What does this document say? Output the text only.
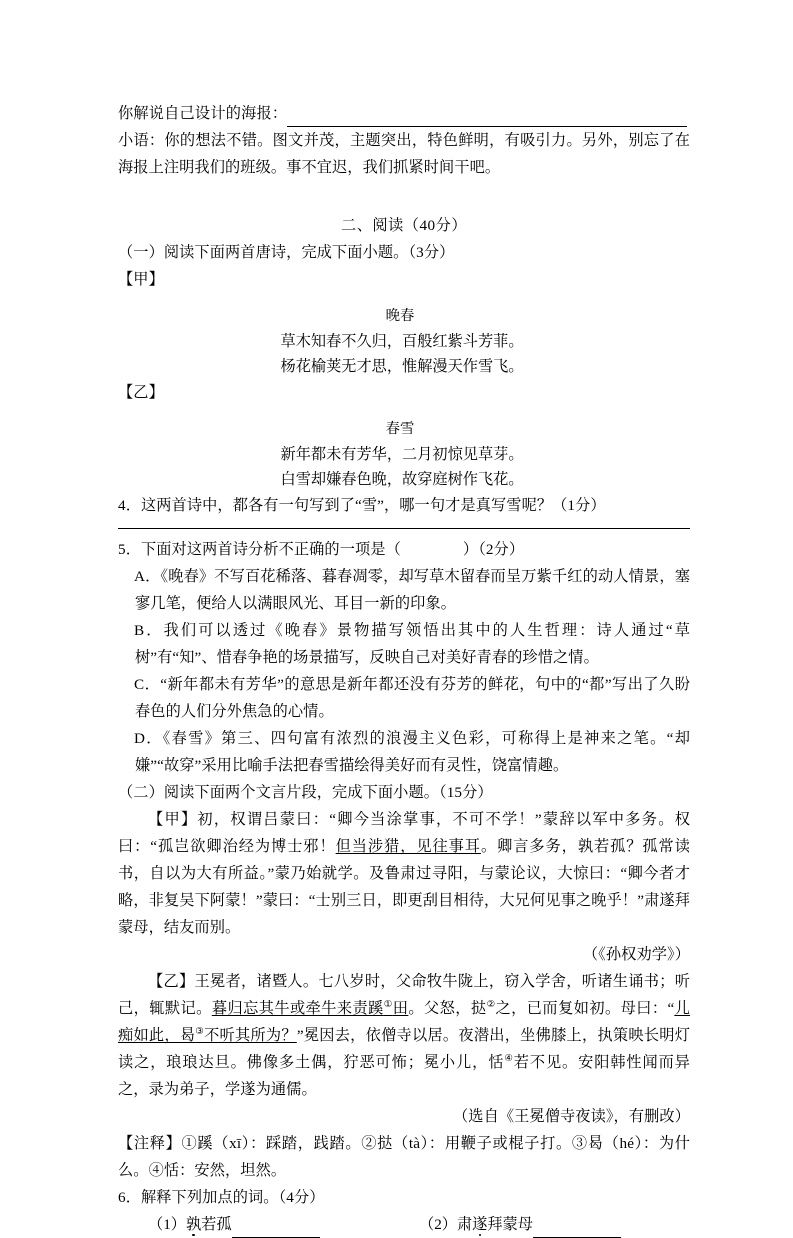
你解说自己设计的海报：
小语：你的想法不错。图文并茂，主题突出，特色鲜明，有吸引力。另外，别忘了在海报上注明我们的班级。事不宜迟，我们抓紧时间干吧。
二、阅读（40分）
（一）阅读下面两首唐诗，完成下面小题。（3分）
【甲】
晚春
草木知春不久归，百般红紫斗芳菲。
杨花榆荚无才思，惟解漫天作雪飞。
【乙】
春雪
新年都未有芳华，二月初惊见草芽。
白雪却嫌春色晚，故穿庭树作飞花。
4．这两首诗中，都各有一句写到了“雪”，哪一句才是真写雪呢？（1分）
5．下面对这两首诗分析不正确的一项是（	）（2分）
A．《晚春》不写百花稀落、暮春凋零，却写草木留春而呈万紫千红的动人情景，塞寥几笔，便给人以满眼风光、耳目一新的印象。
B．我们可以透过《晚春》景物描写领悟出其中的人生哲理：诗人通过“草树”有“知”、惜春争艳的场景描写，反映自己对美好青春的珍惜之情。
C．“新年都未有芳华”的意思是新年都还没有芬芳的鲜花，句中的“都”写出了久盼春色的人们分外焦急的心情。
D．《春雪》第三、四句富有浓烈的浪漫主义色彩，可称得上是神来之笔。“却嫌”“故穿”采用比喻手法把春雪描绘得美好而有灵性，饶富情趣。
（二）阅读下面两个文言片段，完成下面小题。（15分）
【甲】初，权谓吕蒙曰：“卿今当涂掌事，不可不学！”蒙辞以军中多务。权曰：“孤岂欲卿治经为博士邪！但当涉猎，见往事耳。卿言多务，孰若孤？孤常读书，自以为大有所益。”蒙乃始就学。及鲁肃过寻阳，与蒙论议，大惊曰：“卿今者才略，非复吴下阿蒙！”蒙曰：“士别三日，即更刮目相待，大兄何见事之晚乎！”肃遂拜蒙母，结友而别。
（《孙权劝学》）
【乙】王冕者，诸暨人。七八岁时，父命牧牛陇上，窃入学舍，听诸生诵书；听己，辄默记。暮归忘其牛或牵牛来责蹊①田。父怒，挞②之，已而复如初。母曰：“儿痴如此，曷③不听其所为？”冕因去，依僧寺以居。夜潜出，坐佛膝上，执策映长明灯读之，琅琅达旦。佛像多土偶，狞恶可怖；冕小儿，恬④若不见。安阳韩性闻而异之，录为弟子，学遂为通儒。
（选自《王冕僧寺夜读》，有删改）
【注释】①蹊（xī）：踩踏，践踏。②挞（tà）：用鞭子或棍子打。③曷（hé）：为什么。④恬：安然，坦然。
6．解释下列加点的词。（4分）
（1）孰若孤	（2）肃遂拜蒙母
